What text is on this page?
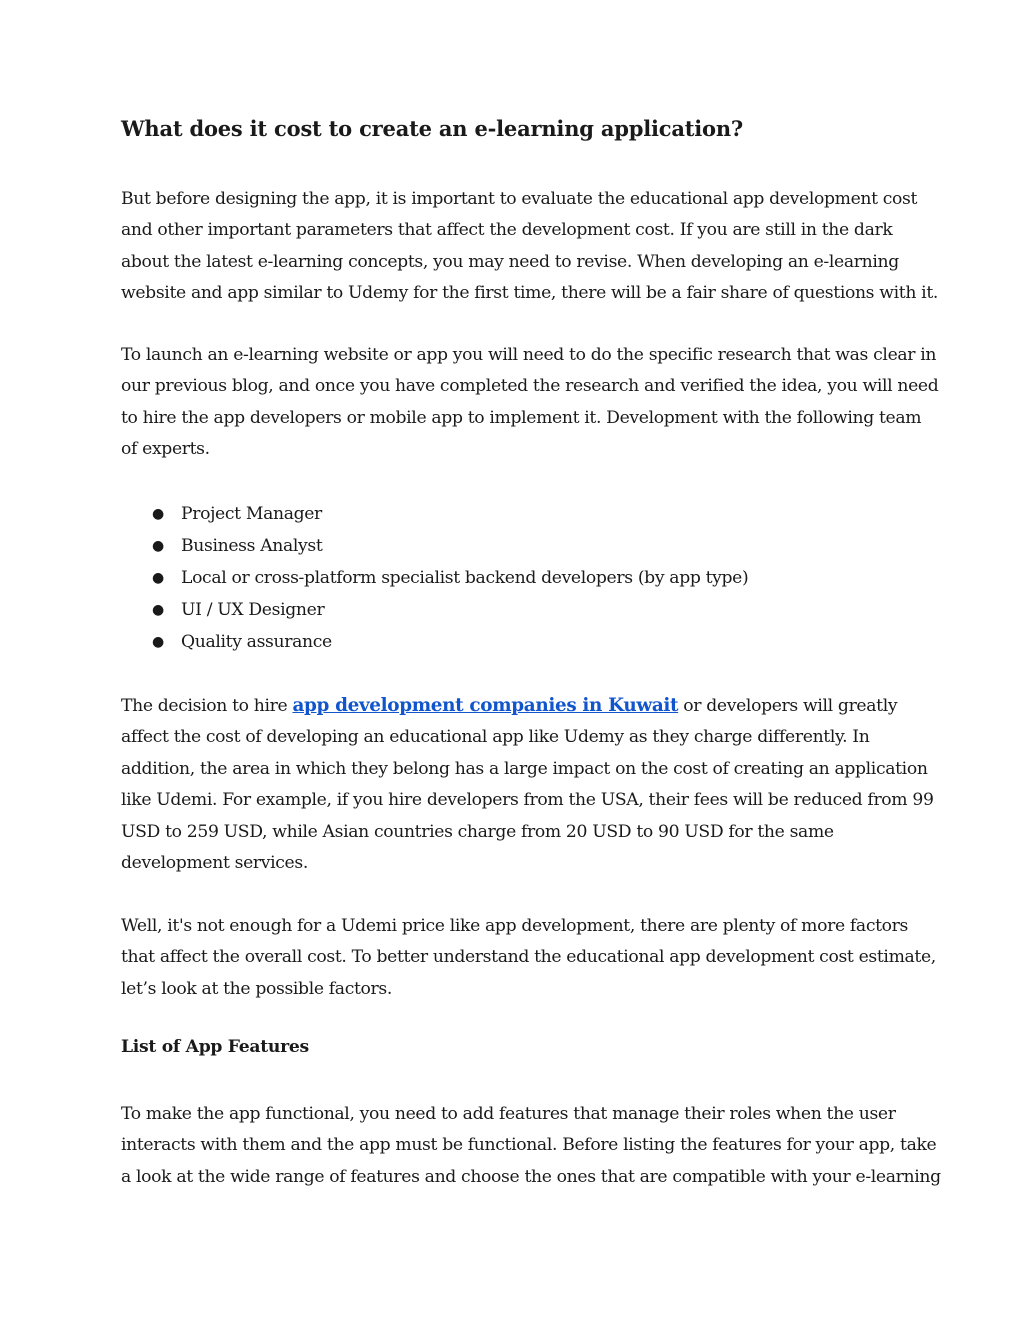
What does it cost to create an e-learning application?

But before designing the app, it is important to evaluate the educational app development cost
and other important parameters that affect the development cost. If you are still in the dark
about the latest e-learning concepts, you may need to revise. When developing an e-learning
website and app similar to Udemy for the first time, there will be a fair share of questions with it.

To launch an e-learning website or app you will need to do the specific research that was clear in
our previous blog, and once you have completed the research and verified the idea, you will need
to hire the app developers or mobile app to implement it. Development with the following team
of experts.

● Project Manager
● Business Analyst
● Local or cross-platform specialist backend developers (by app type)
● UI / UX Designer
● Quality assurance

The decision to hire app development companies in Kuwait or developers will greatly
affect the cost of developing an educational app like Udemy as they charge differently. In
addition, the area in which they belong has a large impact on the cost of creating an application
like Udemi. For example, if you hire developers from the USA, their fees will be reduced from 99
USD to 259 USD, while Asian countries charge from 20 USD to 90 USD for the same
development services.

Well, it's not enough for a Udemi price like app development, there are plenty of more factors
that affect the overall cost. To better understand the educational app development cost estimate,
let’s look at the possible factors.

List of App Features

To make the app functional, you need to add features that manage their roles when the user
interacts with them and the app must be functional. Before listing the features for your app, take
a look at the wide range of features and choose the ones that are compatible with your e-learning
